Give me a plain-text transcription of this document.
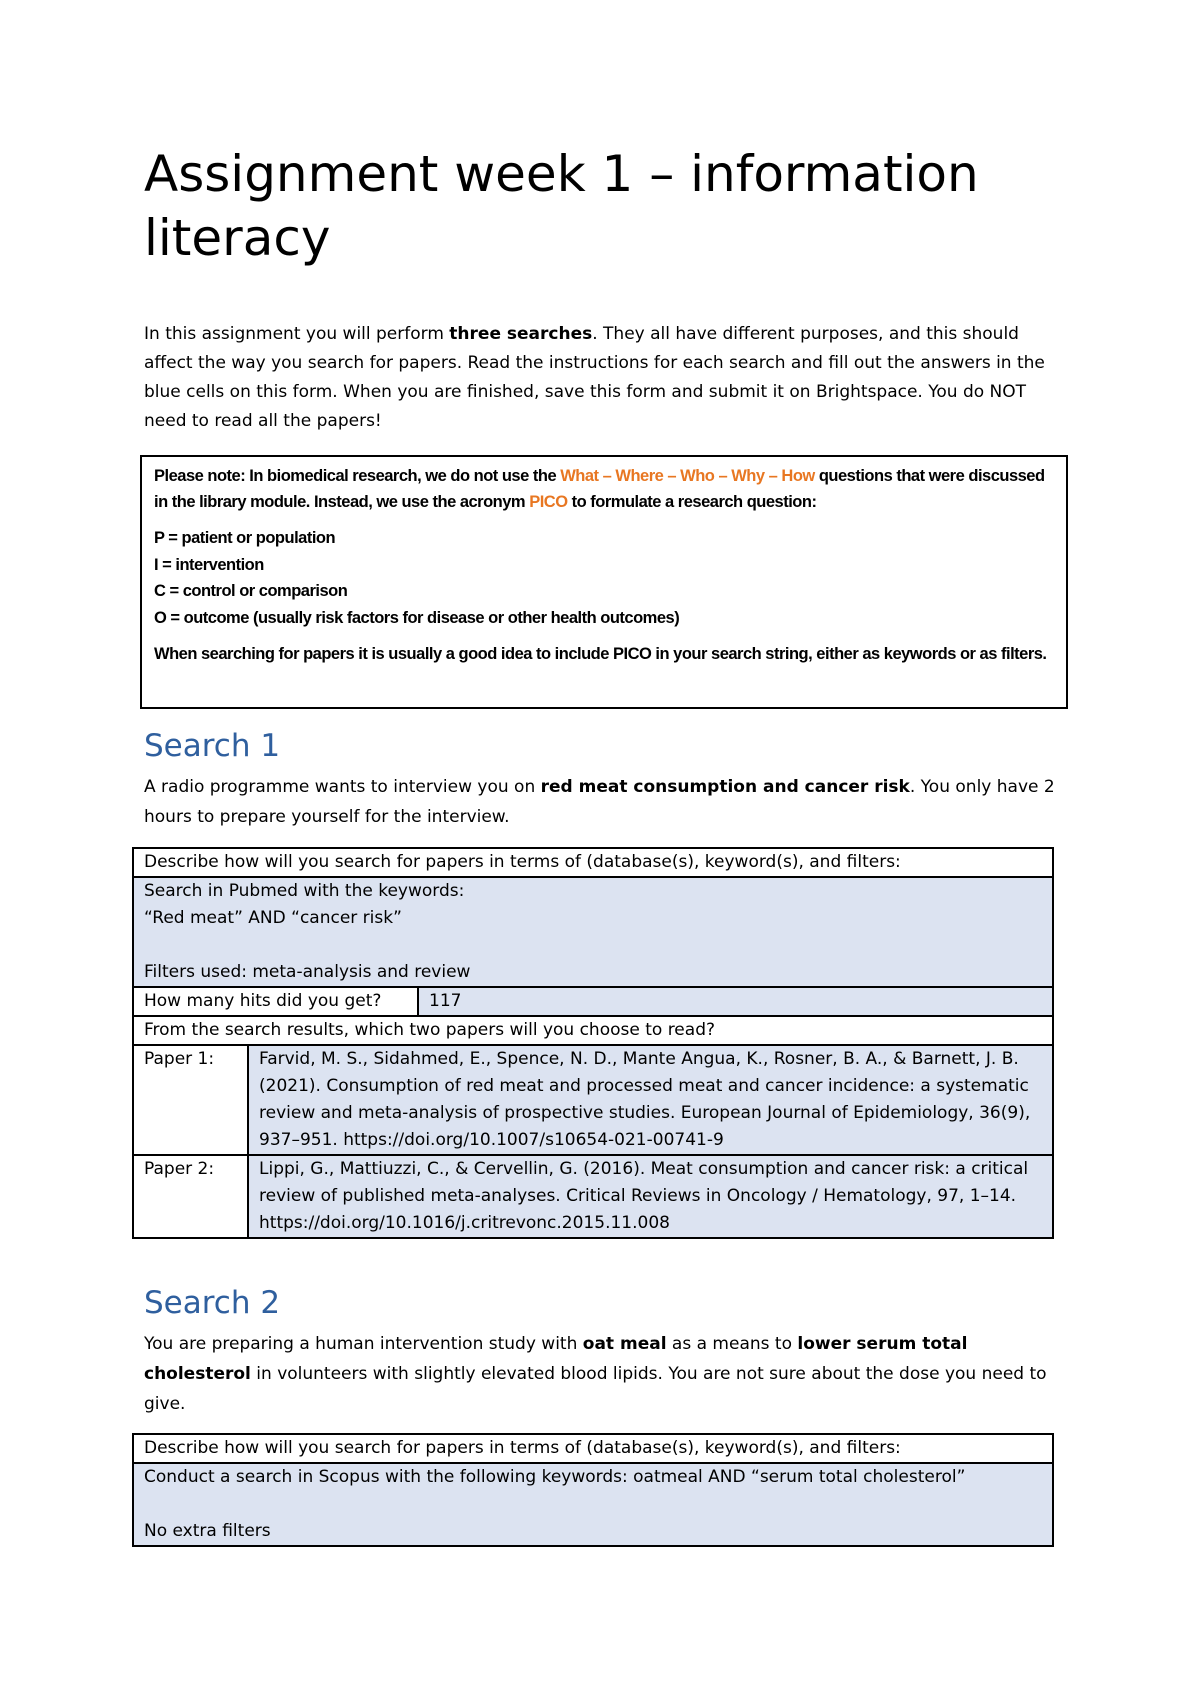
Assignment week 1 – information literacy

In this assignment you will perform three searches. They all have different purposes, and this should affect the way you search for papers. Read the instructions for each search and fill out the answers in the blue cells on this form. When you are finished, save this form and submit it on Brightspace. You do NOT need to read all the papers!

Please note: In biomedical research, we do not use the What – Where – Who – Why – How questions that were discussed in the library module. Instead, we use the acronym PICO to formulate a research question:

P = patient or population
I = intervention
C = control or comparison
O = outcome (usually risk factors for disease or other health outcomes)

When searching for papers it is usually a good idea to include PICO in your search string, either as keywords or as filters.

Search 1

A radio programme wants to interview you on red meat consumption and cancer risk. You only have 2 hours to prepare yourself for the interview.

Describe how will you search for papers in terms of (database(s), keyword(s), and filters:		
Search in Pubmed with the keywords:
“Red meat” AND “cancer risk”

Filters used: meta-analysis and review		
How many hits did you get?		117
From the search results, which two papers will you choose to read?		
Paper 1:	Farvid, M. S., Sidahmed, E., Spence, N. D., Mante Angua, K., Rosner, B. A., & Barnett, J. B. (2021). Consumption of red meat and processed meat and cancer incidence: a systematic review and meta-analysis of prospective studies. European Journal of Epidemiology, 36(9), 937–951. https://doi.org/10.1007/s10654-021-00741-9	
Paper 2:	Lippi, G., Mattiuzzi, C., & Cervellin, G. (2016). Meat consumption and cancer risk: a critical review of published meta-analyses. Critical Reviews in Oncology / Hematology, 97, 1–14. https://doi.org/10.1016/j.critrevonc.2015.11.008	
Search 2

You are preparing a human intervention study with oat meal as a means to lower serum total cholesterol in volunteers with slightly elevated blood lipids. You are not sure about the dose you need to give.

Describe how will you search for papers in terms of (database(s), keyword(s), and filters:
Conduct a search in Scopus with the following keywords: oatmeal AND “serum total cholesterol”

No extra filters
